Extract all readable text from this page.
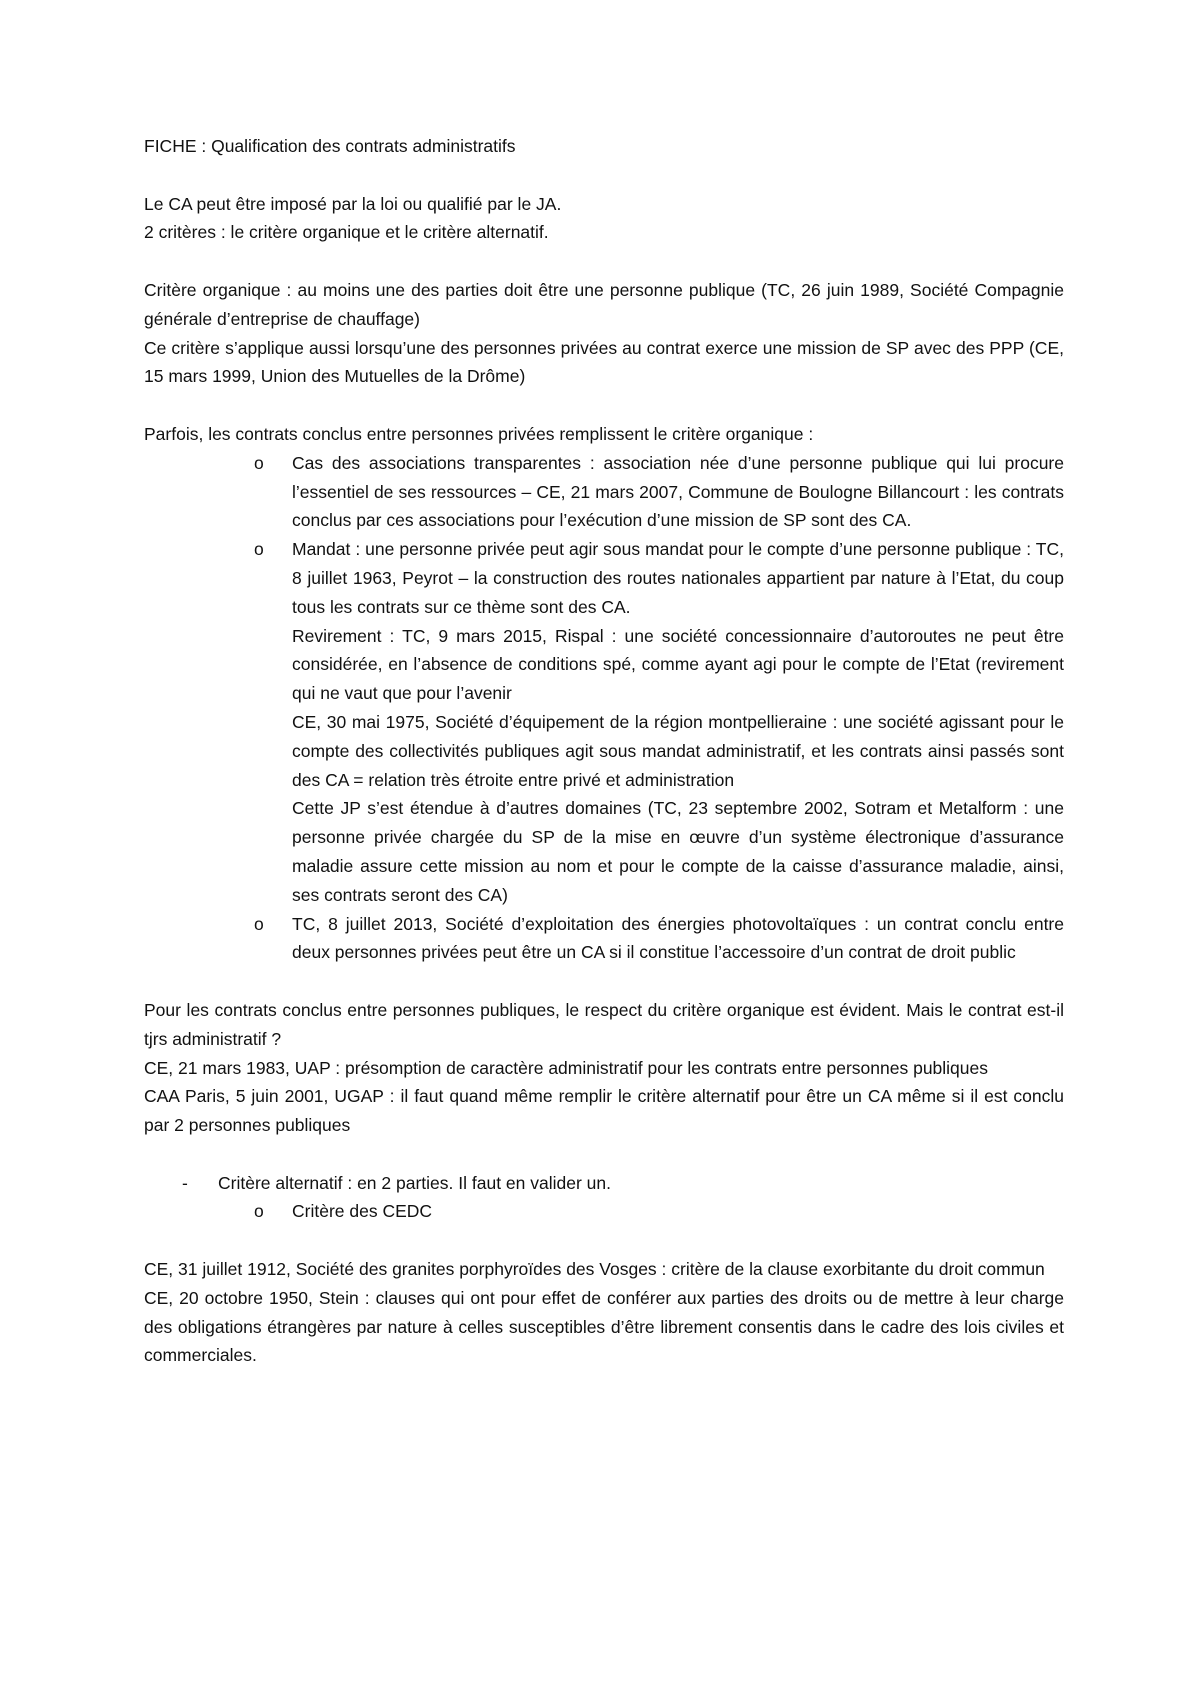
FICHE : Qualification des contrats administratifs

Le CA peut être imposé par la loi ou qualifié par le JA.

2 critères : le critère organique et le critère alternatif.

Critère organique : au moins une des parties doit être une personne publique (TC, 26 juin 1989, Société Compagnie générale d’entreprise de chauffage)

Ce critère s’applique aussi lorsqu’une des personnes privées au contrat exerce une mission de SP avec des PPP (CE, 15 mars 1999, Union des Mutuelles de la Drôme)

Parfois, les contrats conclus entre personnes privées remplissent le critère organique :

o Cas des associations transparentes : association née d’une personne publique qui lui procure l’essentiel de ses ressources – CE, 21 mars 2007, Commune de Boulogne Billancourt : les contrats conclus par ces associations pour l’exécution d’une mission de SP sont des CA.

o Mandat : une personne privée peut agir sous mandat pour le compte d’une personne publique : TC, 8 juillet 1963, Peyrot – la construction des routes nationales appartient par nature à l’Etat, du coup tous les contrats sur ce thème sont des CA.

Revirement : TC, 9 mars 2015, Rispal : une société concessionnaire d’autoroutes ne peut être considérée, en l’absence de conditions spé, comme ayant agi pour le compte de l’Etat (revirement qui ne vaut que pour l’avenir

CE, 30 mai 1975, Société d’équipement de la région montpellieraine : une société agissant pour le compte des collectivités publiques agit sous mandat administratif, et les contrats ainsi passés sont des CA = relation très étroite entre privé et administration

Cette JP s’est étendue à d’autres domaines (TC, 23 septembre 2002, Sotram et Metalform : une personne privée chargée du SP de la mise en œuvre d’un système électronique d’assurance maladie assure cette mission au nom et pour le compte de la caisse d’assurance maladie, ainsi, ses contrats seront des CA)

o TC, 8 juillet 2013, Société d’exploitation des énergies photovoltaïques : un contrat conclu entre deux personnes privées peut être un CA si il constitue l’accessoire d’un contrat de droit public

Pour les contrats conclus entre personnes publiques, le respect du critère organique est évident. Mais le contrat est-il tjrs administratif ?

CE, 21 mars 1983, UAP : présomption de caractère administratif pour les contrats entre personnes publiques

CAA Paris, 5 juin 2001, UGAP : il faut quand même remplir le critère alternatif pour être un CA même si il est conclu par 2 personnes publiques

- Critère alternatif : en 2 parties. Il faut en valider un.

o Critère des CEDC

CE, 31 juillet 1912, Société des granites porphyroïdes des Vosges : critère de la clause exorbitante du droit commun

CE, 20 octobre 1950, Stein : clauses qui ont pour effet de conférer aux parties des droits ou de mettre à leur charge des obligations étrangères par nature à celles susceptibles d’être librement consentis dans le cadre des lois civiles et commerciales.
